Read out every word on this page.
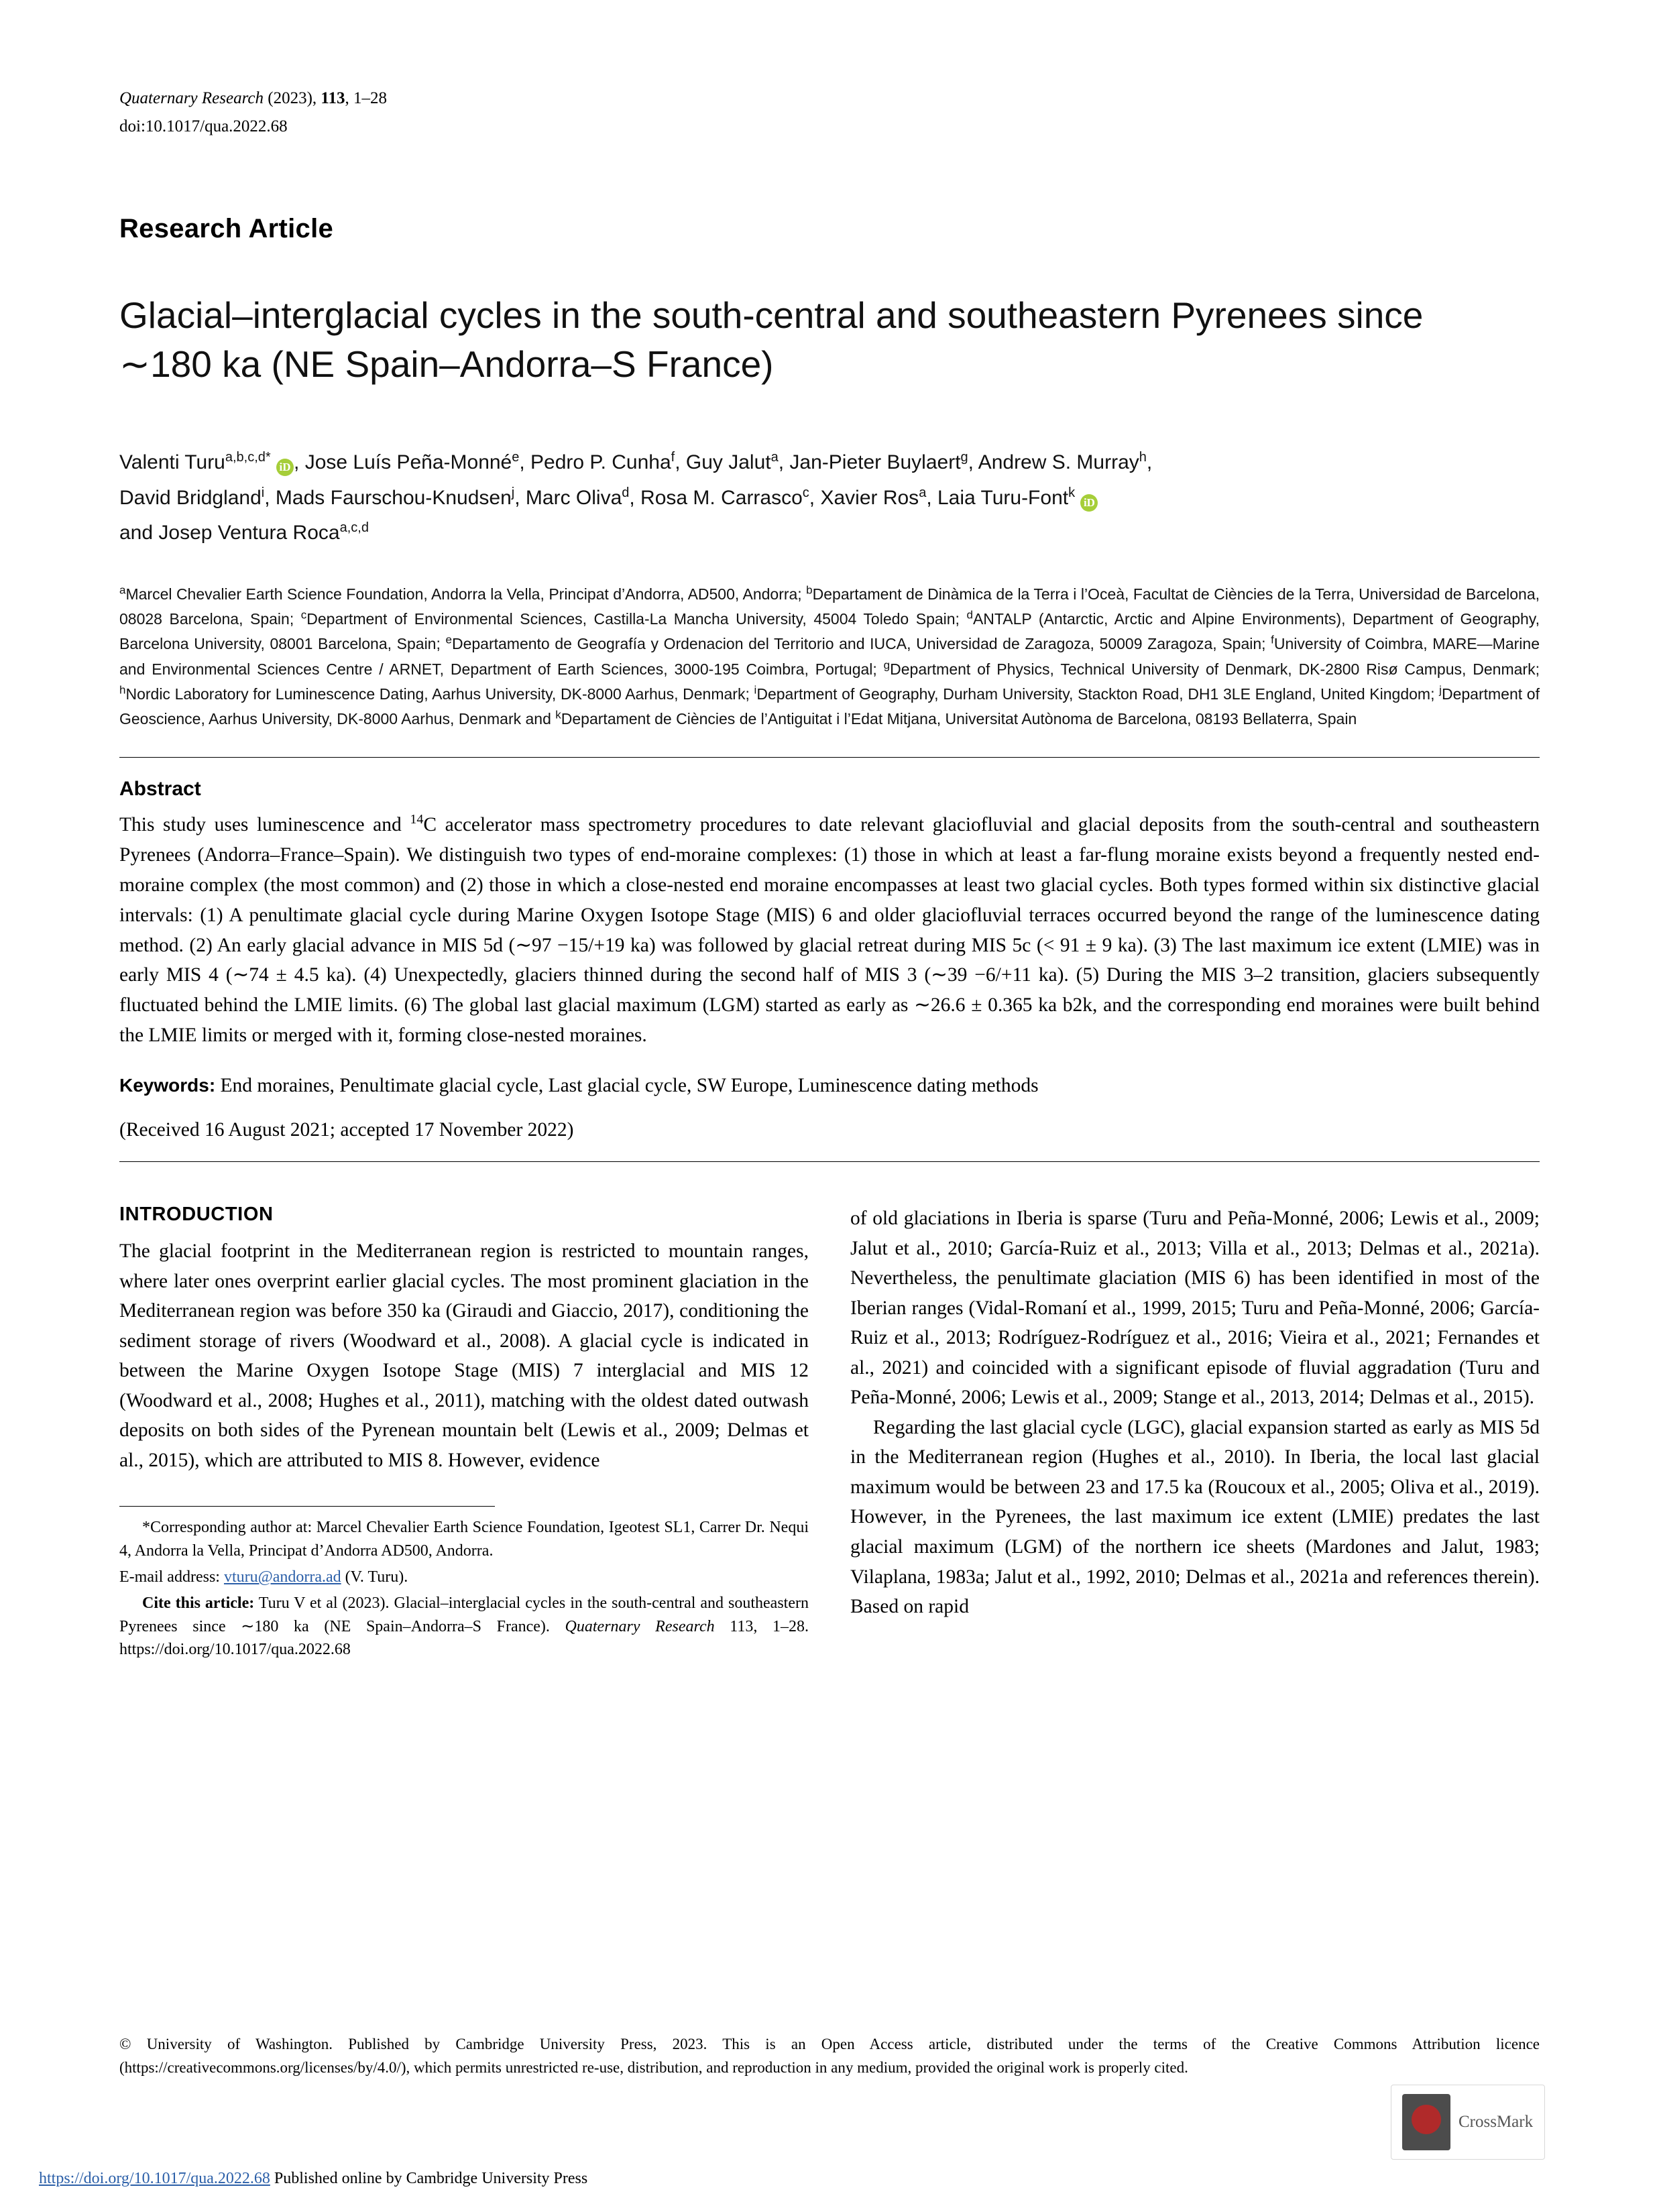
Quaternary Research (2023), 113, 1–28
doi:10.1017/qua.2022.68
Research Article
Glacial–interglacial cycles in the south-central and southeastern Pyrenees since ∼180 ka (NE Spain–Andorra–S France)
Valenti Turu$^{a,b,c,d*}$ iD , Jose Luís Peña-Monné$^e$, Pedro P. Cunha$^f$, Guy Jalut$^a$, Jan-Pieter Buylaert$^g$, Andrew S. Murray$^h$,
David Bridgland$^i$, Mads Faurschou-Knudsen$^j$, Marc Oliva$^d$, Rosa M. Carrasco$^c$, Xavier Ros$^a$, Laia Turu-Font$^k$ iD
and Josep Ventura Roca$^{a,c,d}$
$^a$Marcel Chevalier Earth Science Foundation, Andorra la Vella, Principat d’Andorra, AD500, Andorra; $^b$Departament de Dinàmica de la Terra i l’Oceà, Facultat de Ciències de la Terra, Universidad de Barcelona, 08028 Barcelona, Spain; $^c$Department of Environmental Sciences, Castilla-La Mancha University, 45004 Toledo Spain; $^d$ANTALP (Antarctic, Arctic and Alpine Environments), Department of Geography, Barcelona University, 08001 Barcelona, Spain; $^e$Departamento de Geografía y Ordenacion del Territorio and IUCA, Universidad de Zaragoza, 50009 Zaragoza, Spain; $^f$University of Coimbra, MARE—Marine and Environmental Sciences Centre / ARNET, Department of Earth Sciences, 3000-195 Coimbra, Portugal; $^g$Department of Physics, Technical University of Denmark, DK-2800 Risø Campus, Denmark; $^h$Nordic Laboratory for Luminescence Dating, Aarhus University, DK-8000 Aarhus, Denmark; $^i$Department of Geography, Durham University, Stackton Road, DH1 3LE England, United Kingdom; $^j$Department of Geoscience, Aarhus University, DK-8000 Aarhus, Denmark and $^k$Departament de Ciències de l’Antiguitat i l’Edat Mitjana, Universitat Autònoma de Barcelona, 08193 Bellaterra, Spain
Abstract
This study uses luminescence and $^{14}$C accelerator mass spectrometry procedures to date relevant glaciofluvial and glacial deposits from the south-central and southeastern Pyrenees (Andorra–France–Spain). We distinguish two types of end-moraine complexes: (1) those in which at least a far-flung moraine exists beyond a frequently nested end-moraine complex (the most common) and (2) those in which a close-nested end moraine encompasses at least two glacial cycles. Both types formed within six distinctive glacial intervals: (1) A penultimate glacial cycle during Marine Oxygen Isotope Stage (MIS) 6 and older glaciofluvial terraces occurred beyond the range of the luminescence dating method. (2) An early glacial advance in MIS 5d (∼97 −15/+19 ka) was followed by glacial retreat during MIS 5c (< 91 ± 9 ka). (3) The last maximum ice extent (LMIE) was in early MIS 4 (∼74 ± 4.5 ka). (4) Unexpectedly, glaciers thinned during the second half of MIS 3 (∼39 −6/+11 ka). (5) During the MIS 3–2 transition, glaciers subsequently fluctuated behind the LMIE limits. (6) The global last glacial maximum (LGM) started as early as ∼26.6 ± 0.365 ka b2k, and the corresponding end moraines were built behind the LMIE limits or merged with it, forming close-nested moraines.
Keywords: End moraines, Penultimate glacial cycle, Last glacial cycle, SW Europe, Luminescence dating methods
(Received 16 August 2021; accepted 17 November 2022)
INTRODUCTION
The glacial footprint in the Mediterranean region is restricted to mountain ranges, where later ones overprint earlier glacial cycles. The most prominent glaciation in the Mediterranean region was before 350 ka (Giraudi and Giaccio, 2017), conditioning the sediment storage of rivers (Woodward et al., 2008). A glacial cycle is indicated in between the Marine Oxygen Isotope Stage (MIS) 7 interglacial and MIS 12 (Woodward et al., 2008; Hughes et al., 2011), matching with the oldest dated outwash deposits on both sides of the Pyrenean mountain belt (Lewis et al., 2009; Delmas et al., 2015), which are attributed to MIS 8. However, evidence
*Corresponding author at: Marcel Chevalier Earth Science Foundation, Igeotest SL1, Carrer Dr. Nequi 4, Andorra la Vella, Principat d’Andorra AD500, Andorra.
E-mail address: vturu@andorra.ad (V. Turu).
Cite this article: Turu V et al (2023). Glacial–interglacial cycles in the south-central and southeastern Pyrenees since ∼180 ka (NE Spain–Andorra–S France). Quaternary Research 113, 1–28. https://doi.org/10.1017/qua.2022.68
of old glaciations in Iberia is sparse (Turu and Peña-Monné, 2006; Lewis et al., 2009; Jalut et al., 2010; García-Ruiz et al., 2013; Villa et al., 2013; Delmas et al., 2021a). Nevertheless, the penultimate glaciation (MIS 6) has been identified in most of the Iberian ranges (Vidal-Romaní et al., 1999, 2015; Turu and Peña-Monné, 2006; García-Ruiz et al., 2013; Rodríguez-Rodríguez et al., 2016; Vieira et al., 2021; Fernandes et al., 2021) and coincided with a significant episode of fluvial aggradation (Turu and Peña-Monné, 2006; Lewis et al., 2009; Stange et al., 2013, 2014; Delmas et al., 2015).
Regarding the last glacial cycle (LGC), glacial expansion started as early as MIS 5d in the Mediterranean region (Hughes et al., 2010). In Iberia, the local last glacial maximum would be between 23 and 17.5 ka (Roucoux et al., 2005; Oliva et al., 2019). However, in the Pyrenees, the last maximum ice extent (LMIE) predates the last glacial maximum (LGM) of the northern ice sheets (Mardones and Jalut, 1983; Vilaplana, 1983a; Jalut et al., 1992, 2010; Delmas et al., 2021a and references therein). Based on rapid
© University of Washington. Published by Cambridge University Press, 2023. This is an Open Access article, distributed under the terms of the Creative Commons Attribution licence (https://creativecommons.org/licenses/by/4.0/), which permits unrestricted re-use, distribution, and reproduction in any medium, provided the original work is properly cited.
https://doi.org/10.1017/qua.2022.68 Published online by Cambridge University Press
CrossMark
